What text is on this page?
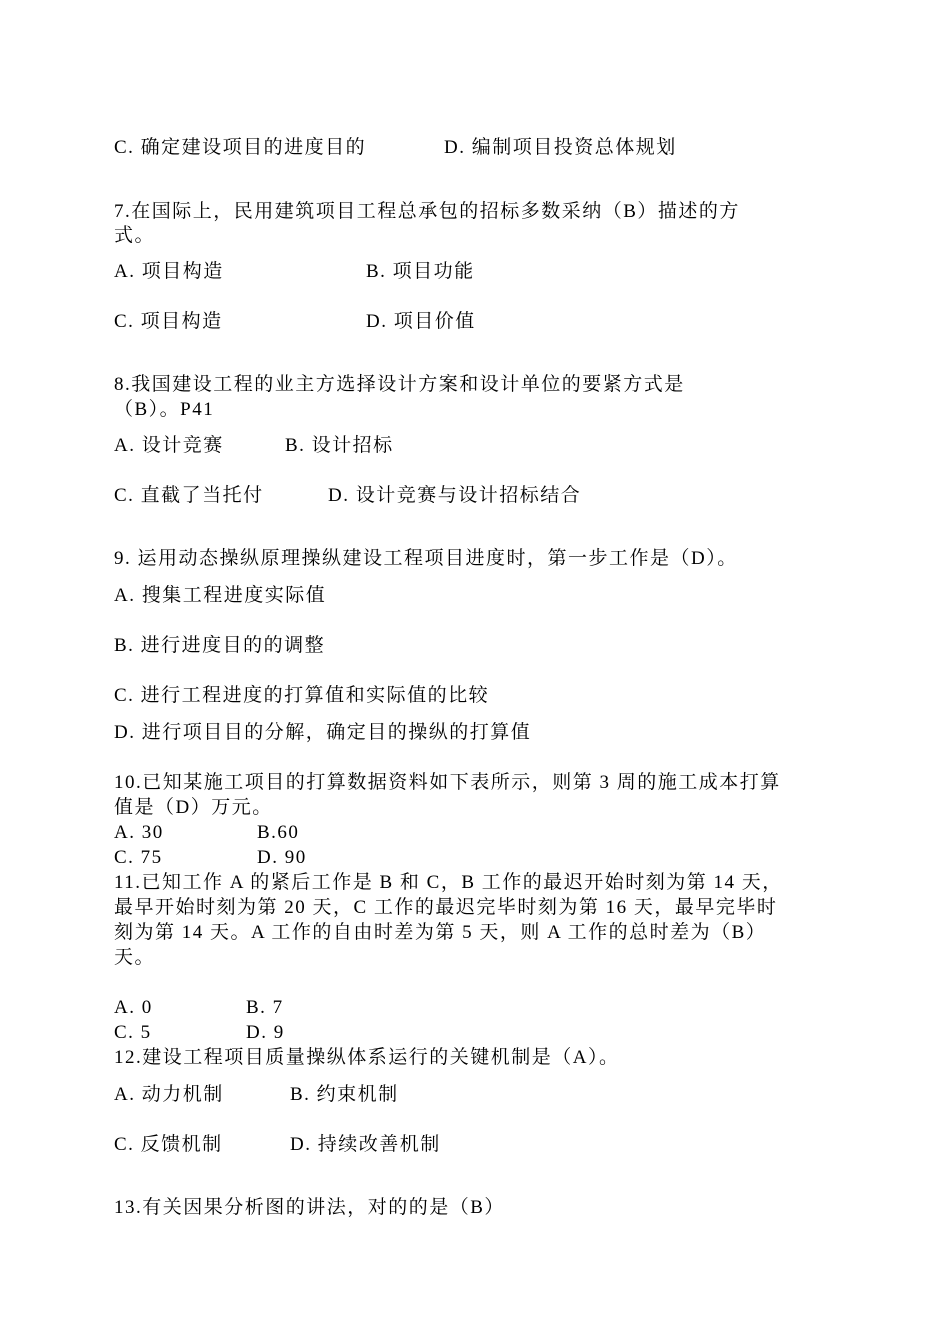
C. 确定建设项目的进度目的	D. 编制项目投资总体规划
7.在国际上，民用建筑项目工程总承包的招标多数采纳（B）描述的方
式。
A. 项目构造	B. 项目功能
C. 项目构造	D. 项目价值
8.我国建设工程的业主方选择设计方案和设计单位的要紧方式是
（B）。P41
A. 设计竞赛	B. 设计招标
C. 直截了当托付	D. 设计竞赛与设计招标结合
9. 运用动态操纵原理操纵建设工程项目进度时，第一步工作是（D）。
A. 搜集工程进度实际值
B. 进行进度目的的调整
C. 进行工程进度的打算值和实际值的比较
D. 进行项目目的分解，确定目的操纵的打算值
10.已知某施工项目的打算数据资料如下表所示，则第 3 周的施工成本打算
值是（D）万元。
A. 30	B.60
C. 75	D. 90
11.已知工作 A 的紧后工作是 B 和 C，B 工作的最迟开始时刻为第 14 天，
最早开始时刻为第 20 天，C 工作的最迟完毕时刻为第 16 天，最早完毕时
刻为第 14 天。A 工作的自由时差为第 5 天，则 A 工作的总时差为（B）
天。
A. 0	B. 7
C. 5	D. 9
12.建设工程项目质量操纵体系运行的关键机制是（A）。
A. 动力机制	B. 约束机制
C. 反馈机制	D. 持续改善机制
13.有关因果分析图的讲法，对的的是（B）
